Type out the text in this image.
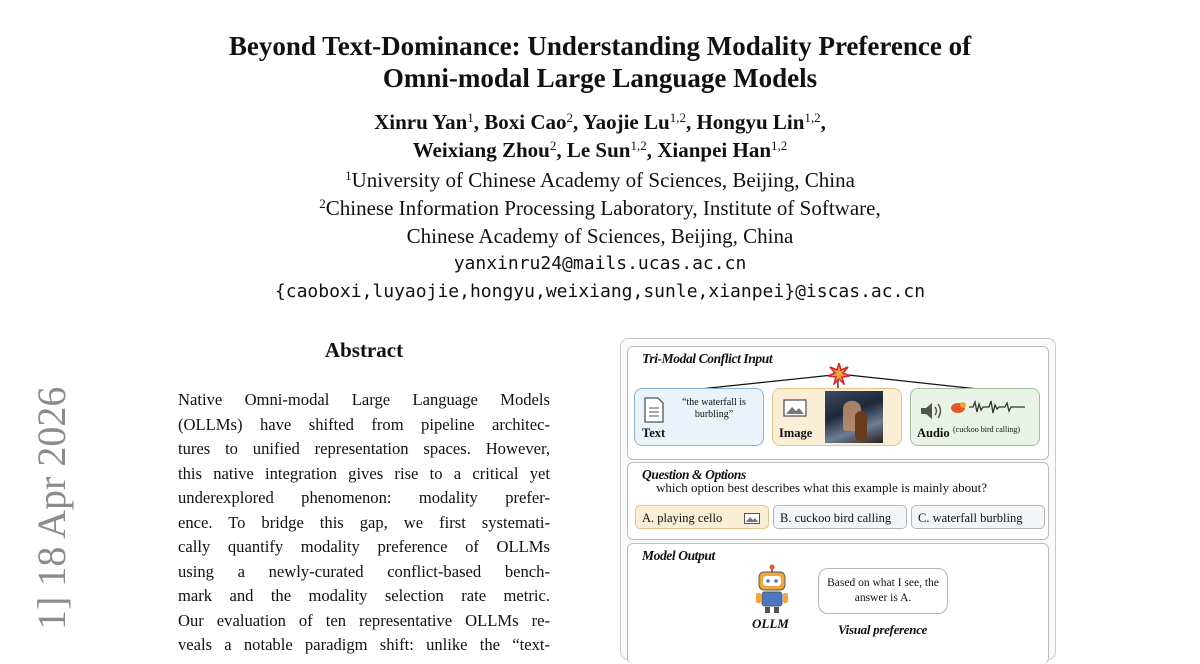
Beyond Text-Dominance: Understanding Modality Preference of
Omni-modal Large Language Models
Xinru Yan$^1$, Boxi Cao$^2$, Yaojie Lu$^{1,2}$, Hongyu Lin$^{1,2}$,
Weixiang Zhou$^2$, Le Sun$^{1,2}$, Xianpei Han$^{1,2}$
$^1$University of Chinese Academy of Sciences, Beijing, China
$^2$Chinese Information Processing Laboratory, Institute of Software,
Chinese Academy of Sciences, Beijing, China
yanxinru24@mails.ucas.ac.cn
{caoboxi,luyaojie,hongyu,weixiang,sunle,xianpei}@iscas.ac.cn
1] 18 Apr 2026
Abstract
Native Omni-modal Large Language Models
(OLLMs) have shifted from pipeline architec-
tures to unified representation spaces. However,
this native integration gives rise to a critical yet
underexplored phenomenon: modality prefer-
ence. To bridge this gap, we first systemati-
cally quantify modality preference of OLLMs
using a newly-curated conflict-based bench-
mark and the modality selection rate metric.
Our evaluation of ten representative OLLMs re-
veals a notable paradigm shift: unlike the “text-
Tri-Modal Conflict Input
“the waterfall is burbling”
Text	Image	(cuckoo bird calling)
Audio
Question & Options
which option best describes what this example is mainly about?
A. playing cello	B. cuckoo bird calling	C. waterfall burbling
Model Output
Based on what I see, the answer is A.
OLLM	Visual preference
